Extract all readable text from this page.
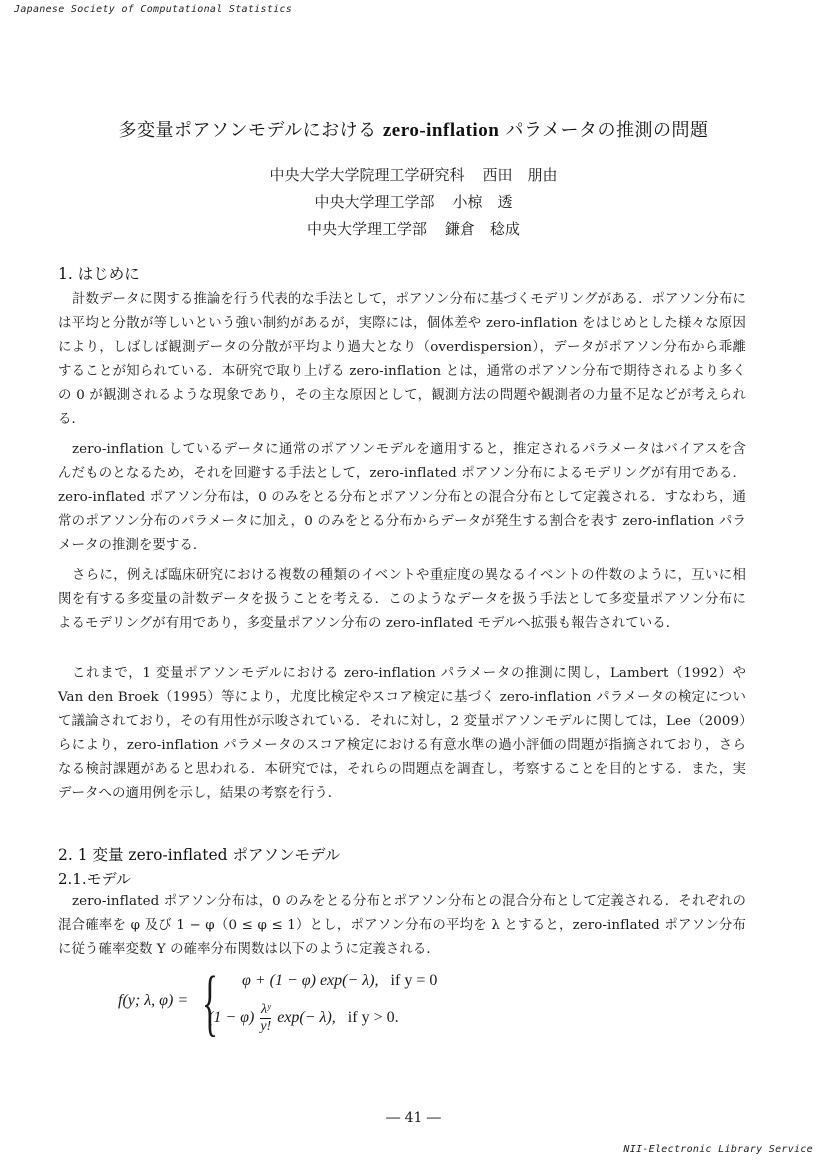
Japanese Society of Computational Statistics
多変量ポアソンモデルにおける zero-inflation パラメータの推測の問題
中央大学大学院理工学研究科 西田　朋由
中央大学理工学部 小椋　透
中央大学理工学部 鎌倉　稔成
1. はじめに
計数データに関する推論を行う代表的な手法として，ポアソン分布に基づくモデリングがある．ポアソン分布には平均と分散が等しいという強い制約があるが，実際には，個体差や zero-inflation をはじめとした様々な原因により，しばしば観測データの分散が平均より過大となり（overdispersion），データがポアソン分布から乖離することが知られている．本研究で取り上げる zero-inflation とは，通常のポアソン分布で期待されるより多くの 0 が観測されるような現象であり，その主な原因として，観測方法の問題や観測者の力量不足などが考えられる．
zero-inflation しているデータに通常のポアソンモデルを適用すると，推定されるパラメータはバイアスを含んだものとなるため，それを回避する手法として，zero-inflated ポアソン分布によるモデリングが有用である．zero-inflated ポアソン分布は，0 のみをとる分布とポアソン分布との混合分布として定義される．すなわち，通常のポアソン分布のパラメータに加え，0 のみをとる分布からデータが発生する割合を表す zero-inflation パラメータの推測を要する．
さらに，例えば臨床研究における複数の種類のイベントや重症度の異なるイベントの件数のように，互いに相関を有する多変量の計数データを扱うことを考える．このようなデータを扱う手法として多変量ポアソン分布によるモデリングが有用であり，多変量ポアソン分布の zero-inflated モデルへ拡張も報告されている．
これまで，1 変量ポアソンモデルにおける zero-inflation パラメータの推測に関し，Lambert（1992）や Van den Broek（1995）等により，尤度比検定やスコア検定に基づく zero-inflation パラメータの検定について議論されており，その有用性が示唆されている．それに対し，2 変量ポアソンモデルに関しては，Lee（2009）らにより，zero-inflation パラメータのスコア検定における有意水準の過小評価の問題が指摘されており，さらなる検討課題があると思われる．本研究では，それらの問題点を調査し，考察することを目的とする．また，実データへの適用例を示し，結果の考察を行う．
2. 1 変量 zero-inflated ポアソンモデル
2.1.モデル
zero-inflated ポアソン分布は，0 のみをとる分布とポアソン分布との混合分布として定義される．それぞれの混合確率を φ 及び 1 − φ（0 ≤ φ ≤ 1）とし，ポアソン分布の平均を λ とすると，zero-inflated ポアソン分布に従う確率変数 Y の確率分布関数は以下のように定義される．
f(y; λ, φ) = { φ + (1 − φ) exp(− λ), if y = 0
$(1 - \varphi) \frac{\text{λʸ}}{y!} \exp(- \lambda)$, if y > 0.
― 41 ―
NII-Electronic Library Service
